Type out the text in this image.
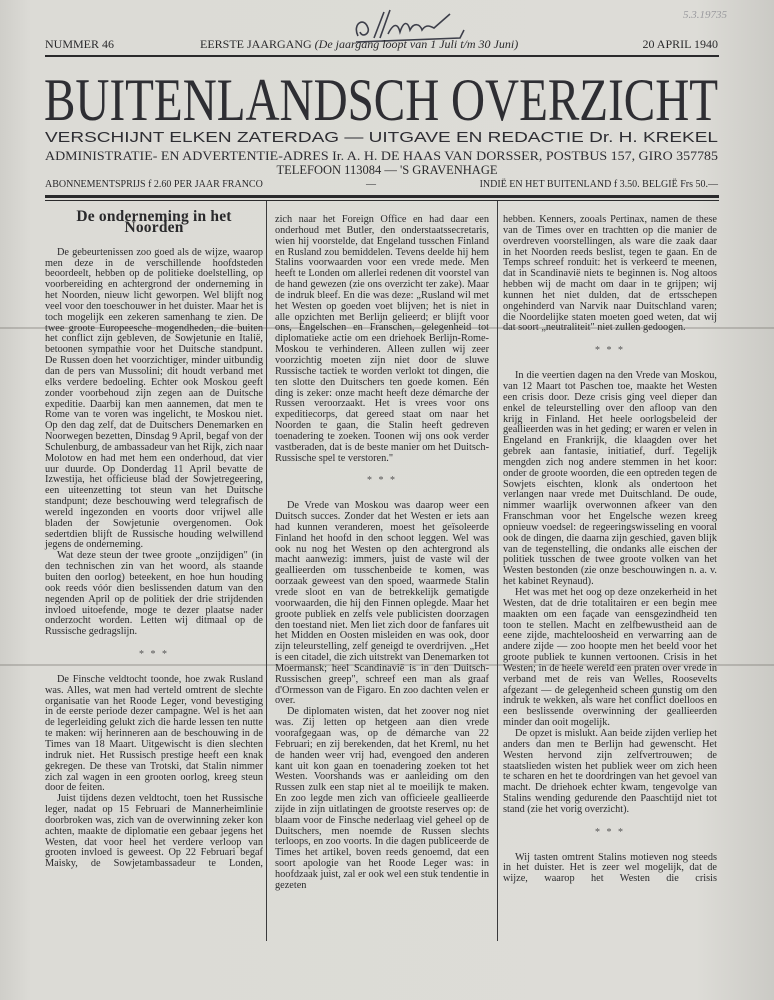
5.3.19735
NUMMER 46	EERSTE JAARGANG (De jaargang loopt van 1 Juli t/m 30 Juni)	20 APRIL 1940
BUITENLANDSCH OVERZICHT
VERSCHIJNT ELKEN ZATERDAG — UITGAVE EN REDACTIE Dr. H. KREKEL
ADMINISTRATIE- EN ADVERTENTIE-ADRES Ir. A. H. DE HAAS VAN DORSSER, POSTBUS 157, GIRO 357785
TELEFOON 113084 — 'S GRAVENHAGE
ABONNEMENTSPRIJS f 2.60 PER JAAR FRANCO	—	INDIË EN HET BUITENLAND f 3.50. BELGIË Frs 50.—
De onderneming in het Noorden

De gebeurtenissen zoo goed als de wijze, waarop men deze in de verschillende hoofdsteden beoordeelt, hebben op de politieke doelstelling, op voorbereiding en achtergrond der onderneming in het Noorden, nieuw licht geworpen. Wel blijft nog veel voor den toeschouwer in het duister. Maar het is toch mogelijk een zekeren samenhang te zien. De twee groote Europeesche mogendheden, die buiten het conflict zijn gebleven, de Sowjetunie en Italië, betoonen sympathie voor het Duitsche standpunt. De Russen doen het voorzichtiger, minder uitbundig dan de pers van Mussolini; dit houdt verband met elks verdere bedoeling. Echter ook Moskou geeft zonder voorbehoud zijn zegen aan de Duitsche expeditie. Daarbij kan men aannemen, dat men te Rome van te voren was ingelicht, te Moskou niet. Op den dag zelf, dat de Duitschers Denemarken en Noorwegen bezetten, Dinsdag 9 April, begaf von der Schulenburg, de ambassadeur van het Rijk, zich naar Molotow en had met hem een onderhoud, dat vier uur duurde. Op Donderdag 11 April bevatte de Izwestija, het officieuse blad der Sowjetregeering, een uiteenzetting tot steun van het Duitsche standpunt; deze beschouwing werd telegrafisch de wereld ingezonden en voorts door vrijwel alle bladen der Sowjetunie overgenomen. Ook sedertdien blijft de Russische houding welwillend jegens de onderneming.

Wat deze steun der twee groote „onzijdigen" (in den technischen zin van het woord, als staande buiten den oorlog) beteekent, en hoe hun houding ook reeds vóór dien beslissenden datum van den negenden April op de politiek der drie strijdenden invloed uitoefende, moge te dezer plaatse nader onderzocht worden. Letten wij ditmaal op de Russische gedragslijn.

* * *

De Finsche veldtocht toonde, hoe zwak Rusland was. Alles, wat men had verteld omtrent de slechte organisatie van het Roode Leger, vond bevestiging in de eerste periode dezer campagne. Wel is het aan de legerleiding gelukt zich die harde lessen ten nutte te maken: wij herinneren aan de beschouwing in de Times van 18 Maart. Uitgewischt is dien slechten indruk niet. Het Russisch prestige heeft een knak gekregen. De these van Trotski, dat Stalin nimmer zich zal wagen in een grooten oorlog, kreeg steun door de feiten.

Juist tijdens dezen veldtocht, toen het Russische leger, nadat op 15 Februari de Mannerheimlinie doorbroken was, zich van de overwinning zeker kon achten, maakte de diplomatie een gebaar jegens het Westen, dat voor heel het verdere verloop van grooten invloed is geweest. Op 22 Februari begaf Maisky, de Sowjetambassadeur te Londen,

zich naar het Foreign Office en had daar een onderhoud met Butler, den onderstaatssecretaris, wien hij voorstelde, dat Engeland tusschen Finland en Rusland zou bemiddelen. Tevens deelde hij hem Stalins voorwaarden voor een vrede mede. Men heeft te Londen om allerlei redenen dit voorstel van de hand gewezen (zie ons overzicht ter zake). Maar de indruk bleef. En die was deze: „Rusland wil met het Westen op goeden voet blijven; het is niet in alle opzichten met Berlijn gelieerd; er blijft voor ons, Engelschen en Franschen, gelegenheid tot diplomatieke actie om een driehoek Berlijn-Rome-Moskou te verhinderen. Alleen zullen wij zeer voorzichtig moeten zijn niet door de sluwe Russische tactiek te worden verlokt tot dingen, die ten slotte den Duitschers ten goede komen. Eén ding is zeker: onze macht heeft deze démarche der Russen veroorzaakt. Het is vrees voor ons expeditiecorps, dat gereed staat om naar het Noorden te gaan, die Stalin heeft gedreven toenadering te zoeken. Toonen wij ons ook verder vastberaden, dat is de beste manier om het Duitsch-Russische spel te verstoren."

* * *

De Vrede van Moskou was daarop weer een Duitsch succes. Zonder dat het Westen er iets aan had kunnen veranderen, moest het geïsoleerde Finland het hoofd in den schoot leggen. Wel was ook nu nog het Westen op den achtergrond als macht aanwezig: immers, juist de vaste wil der geallieerden om tusschenbeide te komen, was oorzaak geweest van den spoed, waarmede Stalin vrede sloot en van de betrekkelijk gematigde voorwaarden, die hij den Finnen oplegde. Maar het groote publiek en zelfs vele publicisten doorzagen den toestand niet. Men liet zich door de fanfares uit het Midden en Oosten misleiden en was ook, door zijn teleurstelling, zelf geneigd te overdrijven. „Het is een citadel, die zich uitstrekt van Denemarken tot Moermansk; heel Scandinavië is in den Duitsch-Russischen greep", schreef een man als graaf d'Ormesson van de Figaro. En zoo dachten velen er over.

De diplomaten wisten, dat het zoover nog niet was. Zij letten op hetgeen aan dien vrede voorafgegaan was, op de démarche van 22 Februari; en zij berekenden, dat het Kreml, nu het de handen weer vrij had, evengoed den anderen kant uit kon gaan en toenadering zoeken tot het Westen. Voorshands was er aanleiding om den Russen zulk een stap niet al te moeilijk te maken. En zoo legde men zich van officieele geallieerde zijde in zijn uitlatingen de grootste reserves op: de blaam voor de Finsche nederlaag viel geheel op de Duitschers, men noemde de Russen slechts terloops, en zoo voorts. In die dagen publiceerde de Times het artikel, boven reeds genoemd, dat een soort apologie van het Roode Leger was: in hoofdzaak juist, zal er ook wel een stuk tendentie in gezeten

hebben. Kenners, zooals Pertinax, namen de these van de Times over en trachtten op die manier de overdreven voorstellingen, als ware die zaak daar in het Noorden reeds beslist, tegen te gaan. En de Temps schreef ronduit: het is verkeerd te meenen, dat in Scandinavië niets te beginnen is. Nog altoos hebben wij de macht om daar in te grijpen; wij kunnen het niet dulden, dat de ertsschepen ongehinderd van Narvik naar Duitschland varen; die Noordelijke staten moeten goed weten, dat wij dat soort „neutraliteit" niet zullen gedoogen.

* * *

In die veertien dagen na den Vrede van Moskou, van 12 Maart tot Paschen toe, maakte het Westen een crisis door. Deze crisis ging veel dieper dan enkel de teleurstelling over den afloop van den krijg in Finland. Het heele oorlogsbeleid der geallieerden was in het geding; er waren er velen in Engeland en Frankrijk, die klaagden over het gebrek aan fantasie, initiatief, durf. Tegelijk mengden zich nog andere stemmen in het koor: onder de groote woorden, die een optreden tegen de Sowjets eischten, klonk als ondertoon het verlangen naar vrede met Duitschland. De oude, nimmer waarlijk overwonnen afkeer van den Franschman voor het Engelsche wezen kreeg opnieuw voedsel: de regeeringswisseling en vooral ook de dingen, die daarna zijn geschied, gaven blijk van de tegenstelling, die ondanks alle eischen der politiek tusschen de twee groote volken van het Westen bestonden (zie onze beschouwingen n. a. v. het kabinet Reynaud).

Het was met het oog op deze onzekerheid in het Westen, dat de drie totalitairen er een begin mee maakten om een façade van eensgezindheid ten toon te stellen. Macht en zelfbewustheid aan de eene zijde, machteloosheid en verwarring aan de andere zijde — zoo hoopte men het beeld voor het groote publiek te kunnen vertoonen. Crisis in het Westen; in de heele wereld een praten over vrede in verband met de reis van Welles, Roosevelts afgezant — de gelegenheid scheen gunstig om den indruk te wekken, als ware het conflict doelloos en een beslissende overwinning der geallieerden minder dan ooit mogelijk.

De opzet is mislukt. Aan beide zijden verliep het anders dan men te Berlijn had gewenscht. Het Westen hervond zijn zelfvertrouwen; de staatslieden wisten het publiek weer om zich heen te scharen en het te doordringen van het gevoel van macht. De driehoek echter kwam, tengevolge van Stalins wending gedurende den Paaschtijd niet tot stand (zie het vorig overzicht).

* * *

Wij tasten omtrent Stalins motieven nog steeds in het duister. Het is zeer wel mogelijk, dat de wijze, waarop het Westen die crisis
